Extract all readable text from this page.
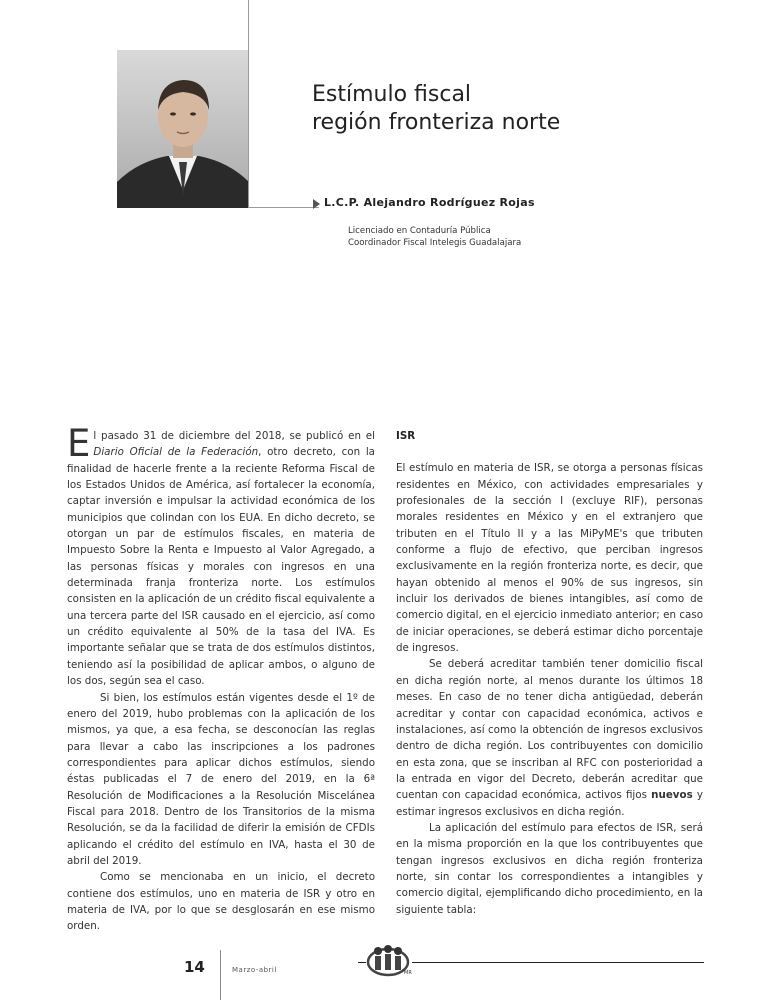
Estímulo fiscal
región fronteriza norte
L.C.P. Alejandro Rodríguez Rojas
Licenciado en Contaduría Pública
Coordinador Fiscal Intelegis Guadalajara

El pasado 31 de diciembre del 2018, se publicó en el Diario Oficial de la Federación, otro decreto, con la finalidad de hacerle frente a la reciente Reforma Fiscal de los Estados Unidos de América, así fortalecer la economía, captar inversión e impulsar la actividad económica de los municipios que colindan con los EUA. En dicho decreto, se otorgan un par de estímulos fiscales, en materia de Impuesto Sobre la Renta e Impuesto al Valor Agregado, a las personas físicas y morales con ingresos en una determinada franja fronteriza norte. Los estímulos consisten en la aplicación de un crédito fiscal equivalente a una tercera parte del ISR causado en el ejercicio, así como un crédito equivalente al 50% de la tasa del IVA. Es importante señalar que se trata de dos estímulos distintos, teniendo así la posibilidad de aplicar ambos, o alguno de los dos, según sea el caso.

Si bien, los estímulos están vigentes desde el 1º de enero del 2019, hubo problemas con la aplicación de los mismos, ya que, a esa fecha, se desconocían las reglas para llevar a cabo las inscripciones a los padrones correspondientes para aplicar dichos estímulos, siendo éstas publicadas el 7 de enero del 2019, en la 6ª Resolución de Modificaciones a la Resolución Miscelánea Fiscal para 2018. Dentro de los Transitorios de la misma Resolución, se da la facilidad de diferir la emisión de CFDIs aplicando el crédito del estímulo en IVA, hasta el 30 de abril del 2019.

Como se mencionaba en un inicio, el decreto contiene dos estímulos, uno en materia de ISR y otro en materia de IVA, por lo que se desglosarán en ese mismo orden.

ISR

El estímulo en materia de ISR, se otorga a personas físicas residentes en México, con actividades empresariales y profesionales de la sección I (excluye RIF), personas morales residentes en México y en el extranjero que tributen en el Título II y a las MiPyME's que tributen conforme a flujo de efectivo, que perciban ingresos exclusivamente en la región fronteriza norte, es decir, que hayan obtenido al menos el 90% de sus ingresos, sin incluir los derivados de bienes intangibles, así como de comercio digital, en el ejercicio inmediato anterior; en caso de iniciar operaciones, se deberá estimar dicho porcentaje de ingresos.

Se deberá acreditar también tener domicilio fiscal en dicha región norte, al menos durante los últimos 18 meses. En caso de no tener dicha antigüedad, deberán acreditar y contar con capacidad económica, activos e instalaciones, así como la obtención de ingresos exclusivos dentro de dicha región. Los contribuyentes con domicilio en esta zona, que se inscriban al RFC con posterioridad a la entrada en vigor del Decreto, deberán acreditar que cuentan con capacidad económica, activos fijos nuevos y estimar ingresos exclusivos en dicha región.

La aplicación del estímulo para efectos de ISR, será en la misma proporción en la que los contribuyentes que tengan ingresos exclusivos en dicha región fronteriza norte, sin contar los correspondientes a intangibles y comercio digital, ejemplificando dicho procedimiento, en la siguiente tabla:

14	Marzo-abril	MR
